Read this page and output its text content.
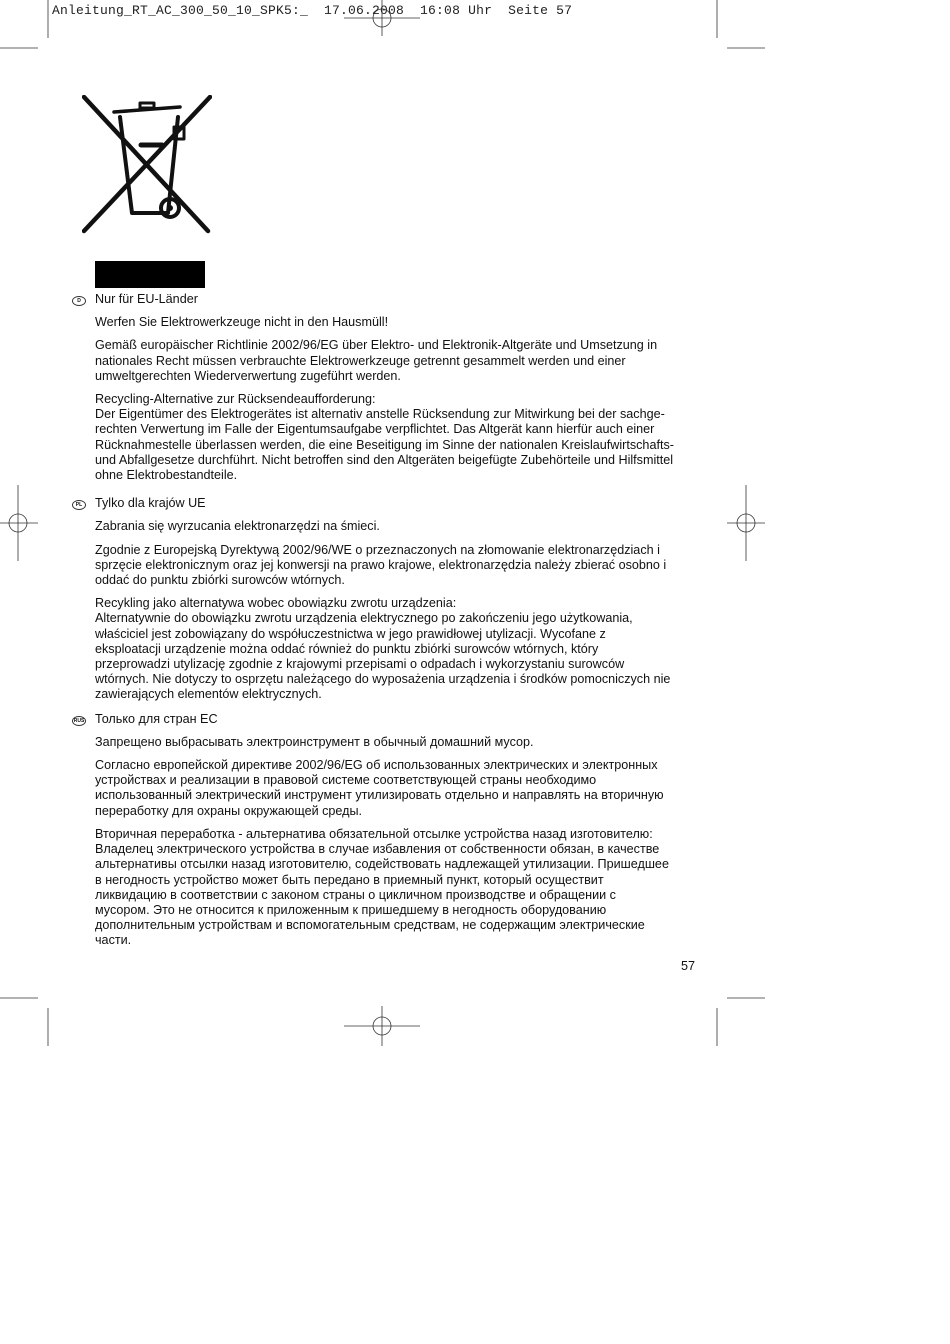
Anleitung_RT_AC_300_50_10_SPK5:_  17.06.2008  16:08 Uhr  Seite 57
D	Nur für EU-Länder

Werfen Sie Elektrowerkzeuge nicht in den Hausmüll!

Gemäß europäischer Richtlinie 2002/96/EG über Elektro- und Elektronik-Altgeräte und Umsetzung in
nationales Recht müssen verbrauchte Elektrowerkzeuge getrennt gesammelt werden und einer
umweltgerechten Wiederverwertung zugeführt werden.

Recycling-Alternative zur Rücksendeaufforderung:
Der Eigentümer des Elektrogerätes ist alternativ anstelle Rücksendung zur Mitwirkung bei der sachge-
rechten Verwertung im Falle der Eigentumsaufgabe verpflichtet. Das Altgerät kann hierfür auch einer
Rücknahmestelle überlassen werden, die eine Beseitigung im Sinne der nationalen Kreislaufwirtschafts-
und Abfallgesetze durchführt. Nicht betroffen sind den Altgeräten beigefügte Zubehörteile und Hilfsmittel
ohne Elektrobestandteile.

PL	Tylko dla krajów UE

Zabrania się wyrzucania elektronarzędzi na śmieci.

Zgodnie z Europejską Dyrektywą 2002/96/WE o przeznaczonych na złomowanie elektronarzędziach i
sprzęcie elektronicznym oraz jej konwersji na prawo krajowe, elektronarzędzia należy zbierać osobno i
oddać do punktu zbiórki surowców wtórnych.

Recykling jako alternatywa wobec obowiązku zwrotu urządzenia:
Alternatywnie do obowiązku zwrotu urządzenia elektrycznego po zakończeniu jego użytkowania,
właściciel jest zobowiązany do współuczestnictwa w jego prawidłowej utylizacji. Wycofane z
eksploatacji urządzenie można oddać również do punktu zbiórki surowców wtórnych, który
przeprowadzi utylizację zgodnie z krajowymi przepisami o odpadach i wykorzystaniu surowców
wtórnych. Nie dotyczy to osprzętu należącego do wyposażenia urządzenia i środków pomocniczych nie
zawierających elementów elektrycznych.

RUS Только для стран ЕС

Запрещено выбрасывать электроинструмент в обычный домашний мусор.

Согласно европейской директиве 2002/96/EG об использованных электрических и электронных
устройствах и реализации в правовой системе соответствующей страны необходимо
использованный электрический инструмент утилизировать отдельно и направлять на вторичную
переработку для охраны окружающей среды.

Вторичная переработка - альтернатива обязательной отсылке устройства назад изготовителю:
Владелец электрического устройства в случае избавления от собственности обязан, в качестве
альтернативы отсылки назад изготовителю, содействовать надлежащей утилизации. Пришедшее
в негодность устройство может быть передано в приемный пункт, который осуществит
ликвидацию в соответствии с законом страны о цикличном производстве и обращении с
мусором. Это не относится к приложенным к пришедшему в негодность оборудованию
дополнительным устройствам и вспомогательным средствам, не содержащим электрические
части.

57
